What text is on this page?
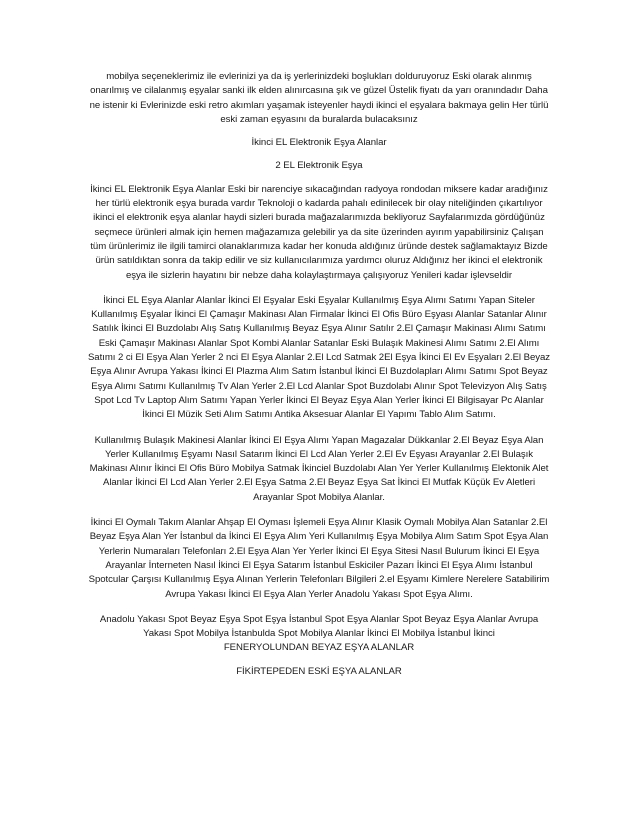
mobilya seçeneklerimiz ile evlerinizi ya da iş yerlerinizdeki boşlukları dolduruyoruz Eski olarak alınmış onarılmış ve cilalanmış eşyalar sanki ilk elden alınırcasına şık ve güzel Üstelik fiyatı da yarı oranındadır Daha ne istenir ki Evlerinizde eski retro akımları yaşamak isteyenler haydi ikinci el eşyalara bakmaya gelin Her türlü eski zaman eşyasını da buralarda bulacaksınız

İkinci EL Elektronik Eşya Alanlar

2 EL Elektronik Eşya

İkinci EL Elektronik Eşya Alanlar Eski bir narenciye sıkacağından radyoya rondodan miksere kadar aradığınız her türlü elektronik eşya burada vardır Teknoloji o kadarda pahalı edinilecek bir olay niteliğinden çıkartılıyor ikinci el elektronik eşya alanlar haydi sizleri burada mağazalarımızda bekliyoruz Sayfalarımızda gördüğünüz seçmece ürünleri almak için hemen mağazamıza gelebilir ya da site üzerinden ayırım yapabilirsiniz Çalışan tüm ürünlerimiz ile ilgili tamirci olanaklarımıza kadar her konuda aldığınız üründe destek sağlamaktayız Bizde ürün satıldıktan sonra da takip edilir ve siz kullanıcılarımıza yardımcı oluruz Aldığınız her ikinci el elektronik eşya ile sizlerin hayatını bir nebze daha kolaylaştırmaya çalışıyoruz Yenileri kadar işlevseldir

İkinci EL Eşya Alanlar Alanlar İkinci El Eşyalar Eski Eşyalar Kullanılmış Eşya Alımı Satımı Yapan Siteler Kullanılmış Eşyalar İkinci El Çamaşır Makinası Alan Firmalar İkinci El Ofis Büro Eşyası Alanlar Satanlar Alınır Satılık İkinci El Buzdolabı Alış Satış Kullanılmış Beyaz Eşya Alınır Satılır 2.El Çamaşır Makinası Alımı Satımı Eski Çamaşır Makinası Alanlar Spot Kombi Alanlar Satanlar Eski Bulaşık Makinesi Alımı Satımı 2.El Alımı Satımı 2 ci El Eşya Alan Yerler 2 nci El Eşya Alanlar 2.El Lcd Satmak 2El Eşya İkinci El Ev Eşyaları 2.El Beyaz Eşya Alınır Avrupa Yakası İkinci El Plazma Alım Satım İstanbul İkinci El Buzdolapları Alımı Satımı Spot Beyaz Eşya Alımı Satımı Kullanılmış Tv Alan Yerler 2.El Lcd Alanlar Spot Buzdolabı Alınır Spot Televizyon Alış Satış Spot Lcd Tv Laptop Alım Satımı Yapan Yerler İkinci El Beyaz Eşya Alan Yerler İkinci El Bilgisayar Pc Alanlar İkinci El Müzik Seti Alım Satımı Antika Aksesuar Alanlar El Yapımı Tablo Alım Satımı.

Kullanılmış Bulaşık Makinesi Alanlar İkinci El Eşya Alımı Yapan Magazalar Dükkanlar 2.El Beyaz Eşya Alan Yerler Kullanılmış Eşyamı Nasıl Satarım İkinci El Lcd Alan Yerler 2.El Ev Eşyası Arayanlar 2.El Bulaşık Makinası Alınır İkinci El Ofis Büro Mobilya Satmak İkinciel Buzdolabı Alan Yer Yerler Kullanılmış Elektonik Alet Alanlar İkinci El Lcd Alan Yerler 2.El Eşya Satma 2.El Beyaz Eşya Sat İkinci El Mutfak Küçük Ev Aletleri Arayanlar Spot Mobilya Alanlar.

İkinci El Oymalı Takım Alanlar Ahşap El Oyması İşlemeli Eşya Alınır Klasik Oymalı Mobilya Alan Satanlar 2.El Beyaz Eşya Alan Yer İstanbul da İkinci El Eşya Alım Yeri Kullanılmış Eşya Mobilya Alım Satım Spot Eşya Alan Yerlerin Numaraları Telefonları 2.El Eşya Alan Yer Yerler İkinci El Eşya Sitesi Nasıl Bulurum İkinci El Eşya Arayanlar İnterneten Nasıl İkinci El Eşya Satarım İstanbul Eskiciler Pazarı İkinci El Eşya Alımı İstanbul Spotcular Çarşısı Kullanılmış Eşya Alınan Yerlerin Telefonları Bilgileri 2.el Eşyamı Kimlere Nerelere Satabilirim Avrupa Yakası İkinci El Eşya Alan Yerler Anadolu Yakası Spot Eşya Alımı.

Anadolu Yakası Spot Beyaz Eşya Spot Eşya İstanbul Spot Eşya Alanlar Spot Beyaz Eşya Alanlar Avrupa Yakası Spot Mobilya İstanbulda Spot Mobilya Alanlar İkinci El Mobilya İstanbul İkinci

FENERYOLUNDAN BEYAZ EŞYA ALANLAR

FİKİRTEPEDEN ESKİ EŞYA ALANLAR
